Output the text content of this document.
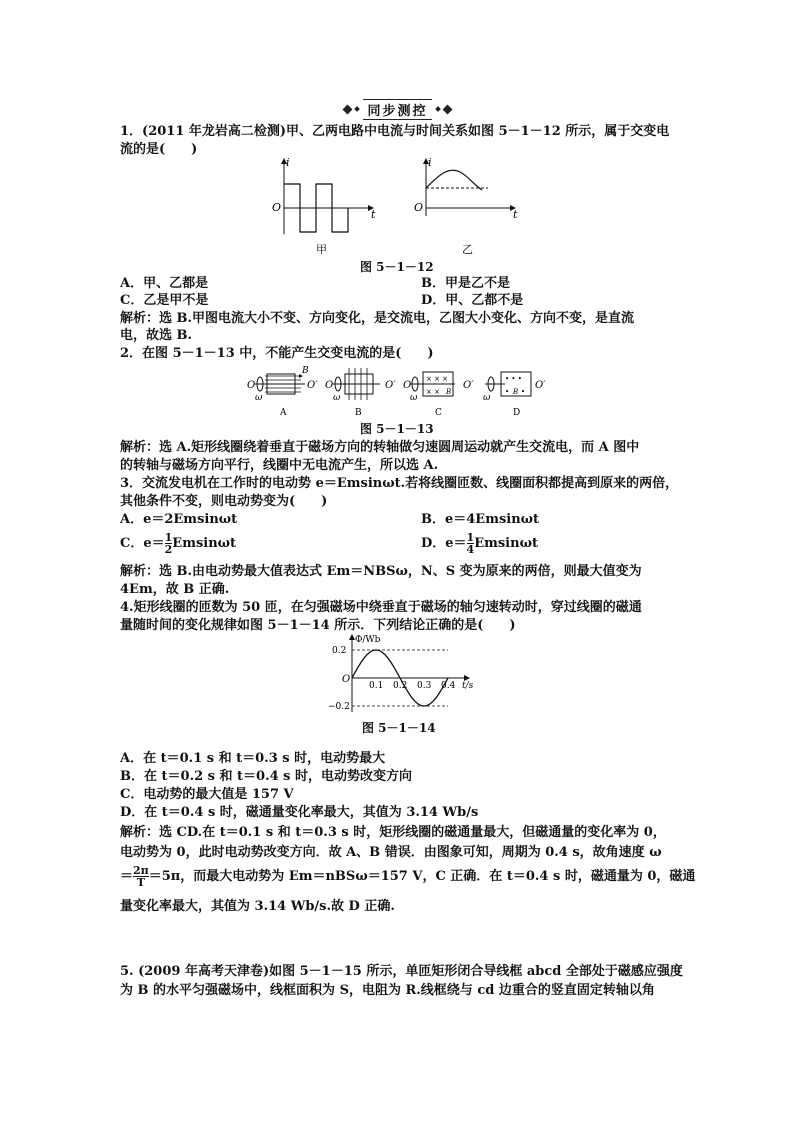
同步测控
1．(2011 年龙岩高二检测)甲、乙两电路中电流与时间关系如图 5－1－12 所示，属于交变电
流的是(　　)
i
O
t
甲
i
O
t
乙
图 5－1－12
A．甲、乙都是	B．甲是乙不是
C．乙是甲不是	D．甲、乙都不是
解析：选 B.甲图电流大小不变、方向变化，是交流电，乙图大小变化、方向不变，是直流
电，故选 B.
2．在图 5－1－13 中，不能产生交变电流的是(　　)
O
B
O′
ω
A
O	O′
ω
B
O
× × ×
× × B
O′
ω
C
• • •
• B •
O′
ω
D
图 5－1－13
解析：选 A.矩形线圈绕着垂直于磁场方向的转轴做匀速圆周运动就产生交流电，而 A 图中
的转轴与磁场方向平行，线圈中无电流产生，所以选 A.
3．交流发电机在工作时的电动势 e＝Emsinωt.若将线圈匝数、线圈面积都提高到原来的两倍，
其他条件不变，则电动势变为(　　)
A．e＝2Emsinωt	B．e＝4Emsinωt
C．$e= \frac{1}{2}$ Emsinωt	D．$e= \frac{1}{4}$ Emsinωt
解析：选 B.由电动势最大值表达式 Em＝NBSω，N、S 变为原来的两倍，则最大值变为
4Em，故 B 正确.
4.矩形线圈的匝数为 50 匝，在匀强磁场中绕垂直于磁场的轴匀速转动时，穿过线圈的磁通
量随时间的变化规律如图 5－1－14 所示．下列结论正确的是(　　)
0.1 0.2 0.3 0.4
0.2
−0.2
O
Φ/Wb
t/s
图 5－1－14
A．在 t＝0.1 s 和 t＝0.3 s 时，电动势最大
B．在 t＝0.2 s 和 t＝0.4 s 时，电动势改变方向
C．电动势的最大值是 157 V
D．在 t＝0.4 s 时，磁通量变化率最大，其值为 3.14 Wb/s
解析：选 CD.在 t＝0.1 s 和 t＝0.3 s 时，矩形线圈的磁通量最大，但磁通量的变化率为 0，
电动势为 0，此时电动势改变方向．故 A、B 错误．由图象可知，周期为 0.4 s，故角速度 ω
＝ $\frac{2\pi}{T} =5\pi$，而最大电动势为 Em＝nBSω＝157 V，C 正确．在 t＝0.4 s 时，磁通量为 0，磁通
量变化率最大，其值为 3.14 Wb/s.故 D 正确.
5. (2009 年高考天津卷)如图 5－1－15 所示，单匝矩形闭合导线框 abcd 全部处于磁感应强度
为 B 的水平匀强磁场中，线框面积为 S，电阻为 R.线框绕与 cd 边重合的竖直固定转轴以角
